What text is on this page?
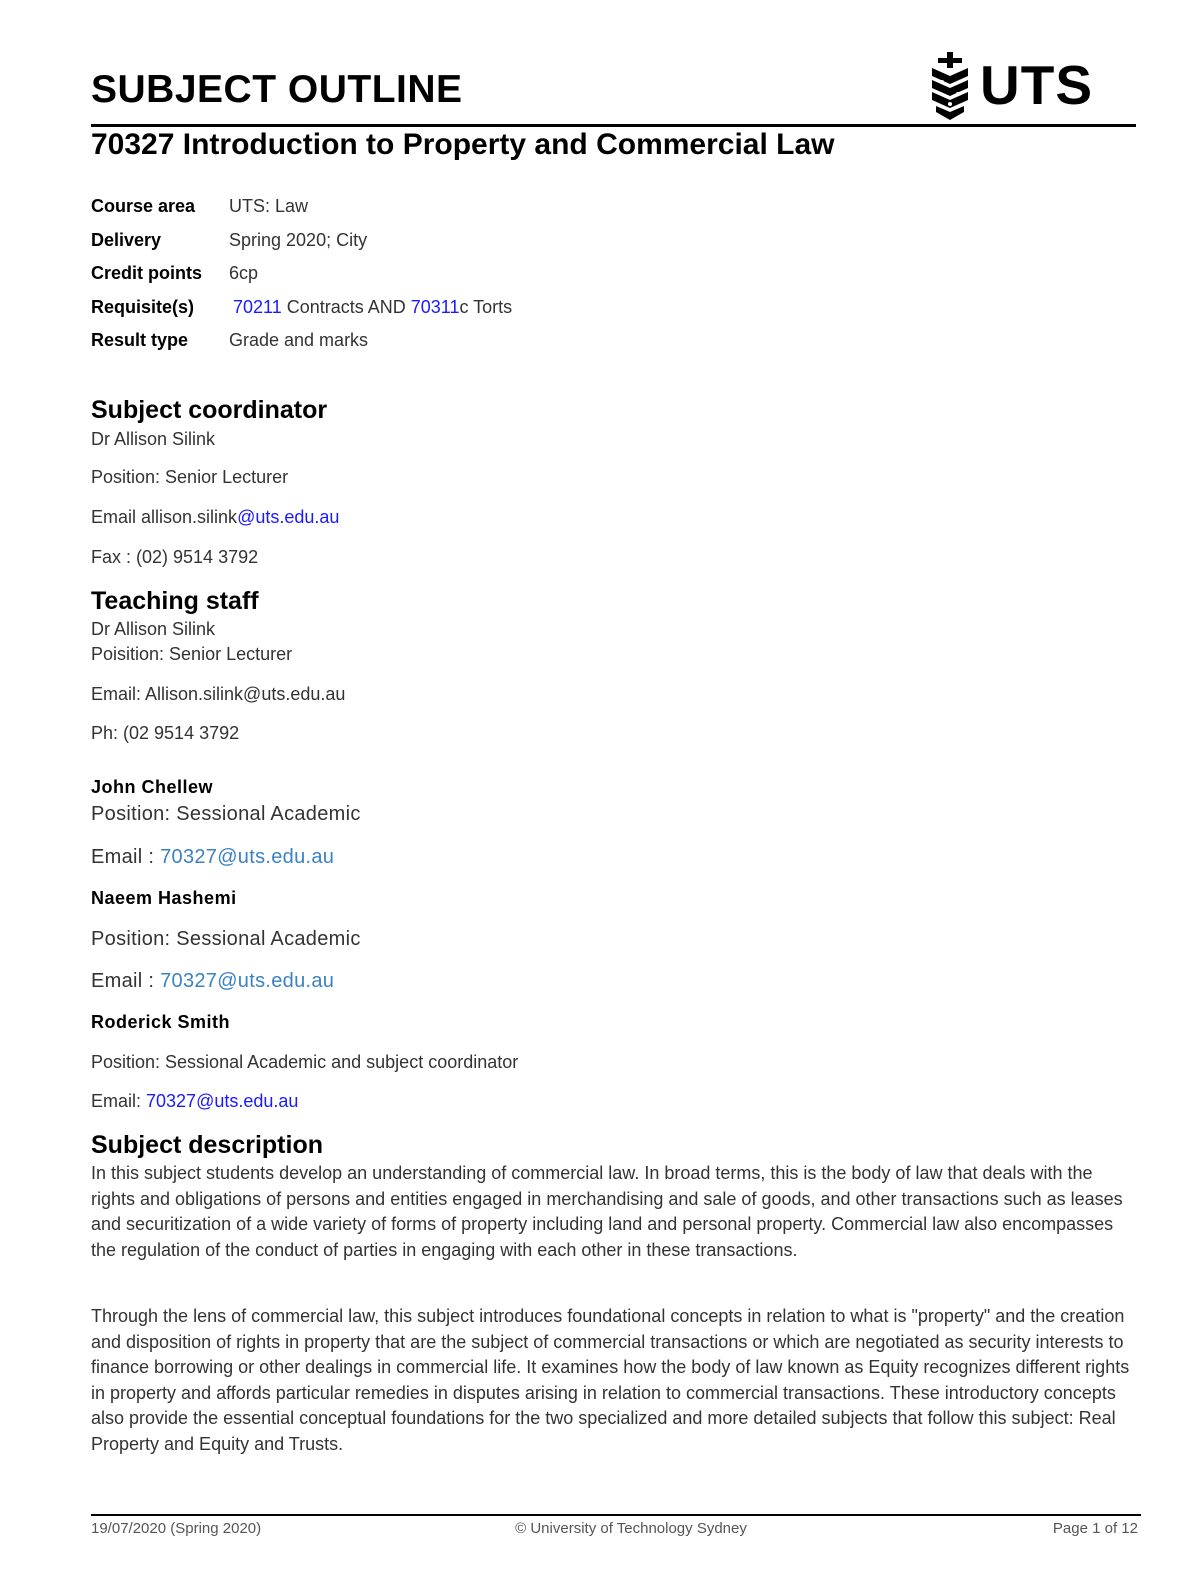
SUBJECT OUTLINE	UTS
70327 Introduction to Property and Commercial Law
Course area UTS: Law
Delivery	Spring 2020; City
Credit points 6cp
Requisite(s) 70211 Contracts AND 70311c Torts
Result type Grade and marks
Subject coordinator
Dr Allison Silink
Position: Senior Lecturer
Email allison.silink@uts.edu.au
Fax : (02) 9514 3792
Teaching staff
Dr Allison Silink
Poisition: Senior Lecturer
Email: Allison.silink@uts.edu.au
Ph: (02 9514 3792
John Chellew
Position: Sessional Academic
Email : 70327@uts.edu.au
Naeem Hashemi
Position: Sessional Academic
Email : 70327@uts.edu.au
Roderick Smith
Position: Sessional Academic and subject coordinator
Email: 70327@uts.edu.au
Subject description
In this subject students develop an understanding of commercial law. In broad terms, this is the body of law that deals with the rights and obligations of persons and entities engaged in merchandising and sale of goods, and other transactions such as leases and securitization of a wide variety of forms of property including land and personal property. Commercial law also encompasses the regulation of the conduct of parties in engaging with each other in these transactions.
Through the lens of commercial law, this subject introduces foundational concepts in relation to what is "property" and the creation and disposition of rights in property that are the subject of commercial transactions or which are negotiated as security interests to finance borrowing or other dealings in commercial life. It examines how the body of law known as Equity recognizes different rights in property and affords particular remedies in disputes arising in relation to commercial transactions. These introductory concepts also provide the essential conceptual foundations for the two specialized and more detailed subjects that follow this subject: Real Property and Equity and Trusts.
19/07/2020 (Spring 2020)	© University of Technology Sydney	Page 1 of 12
